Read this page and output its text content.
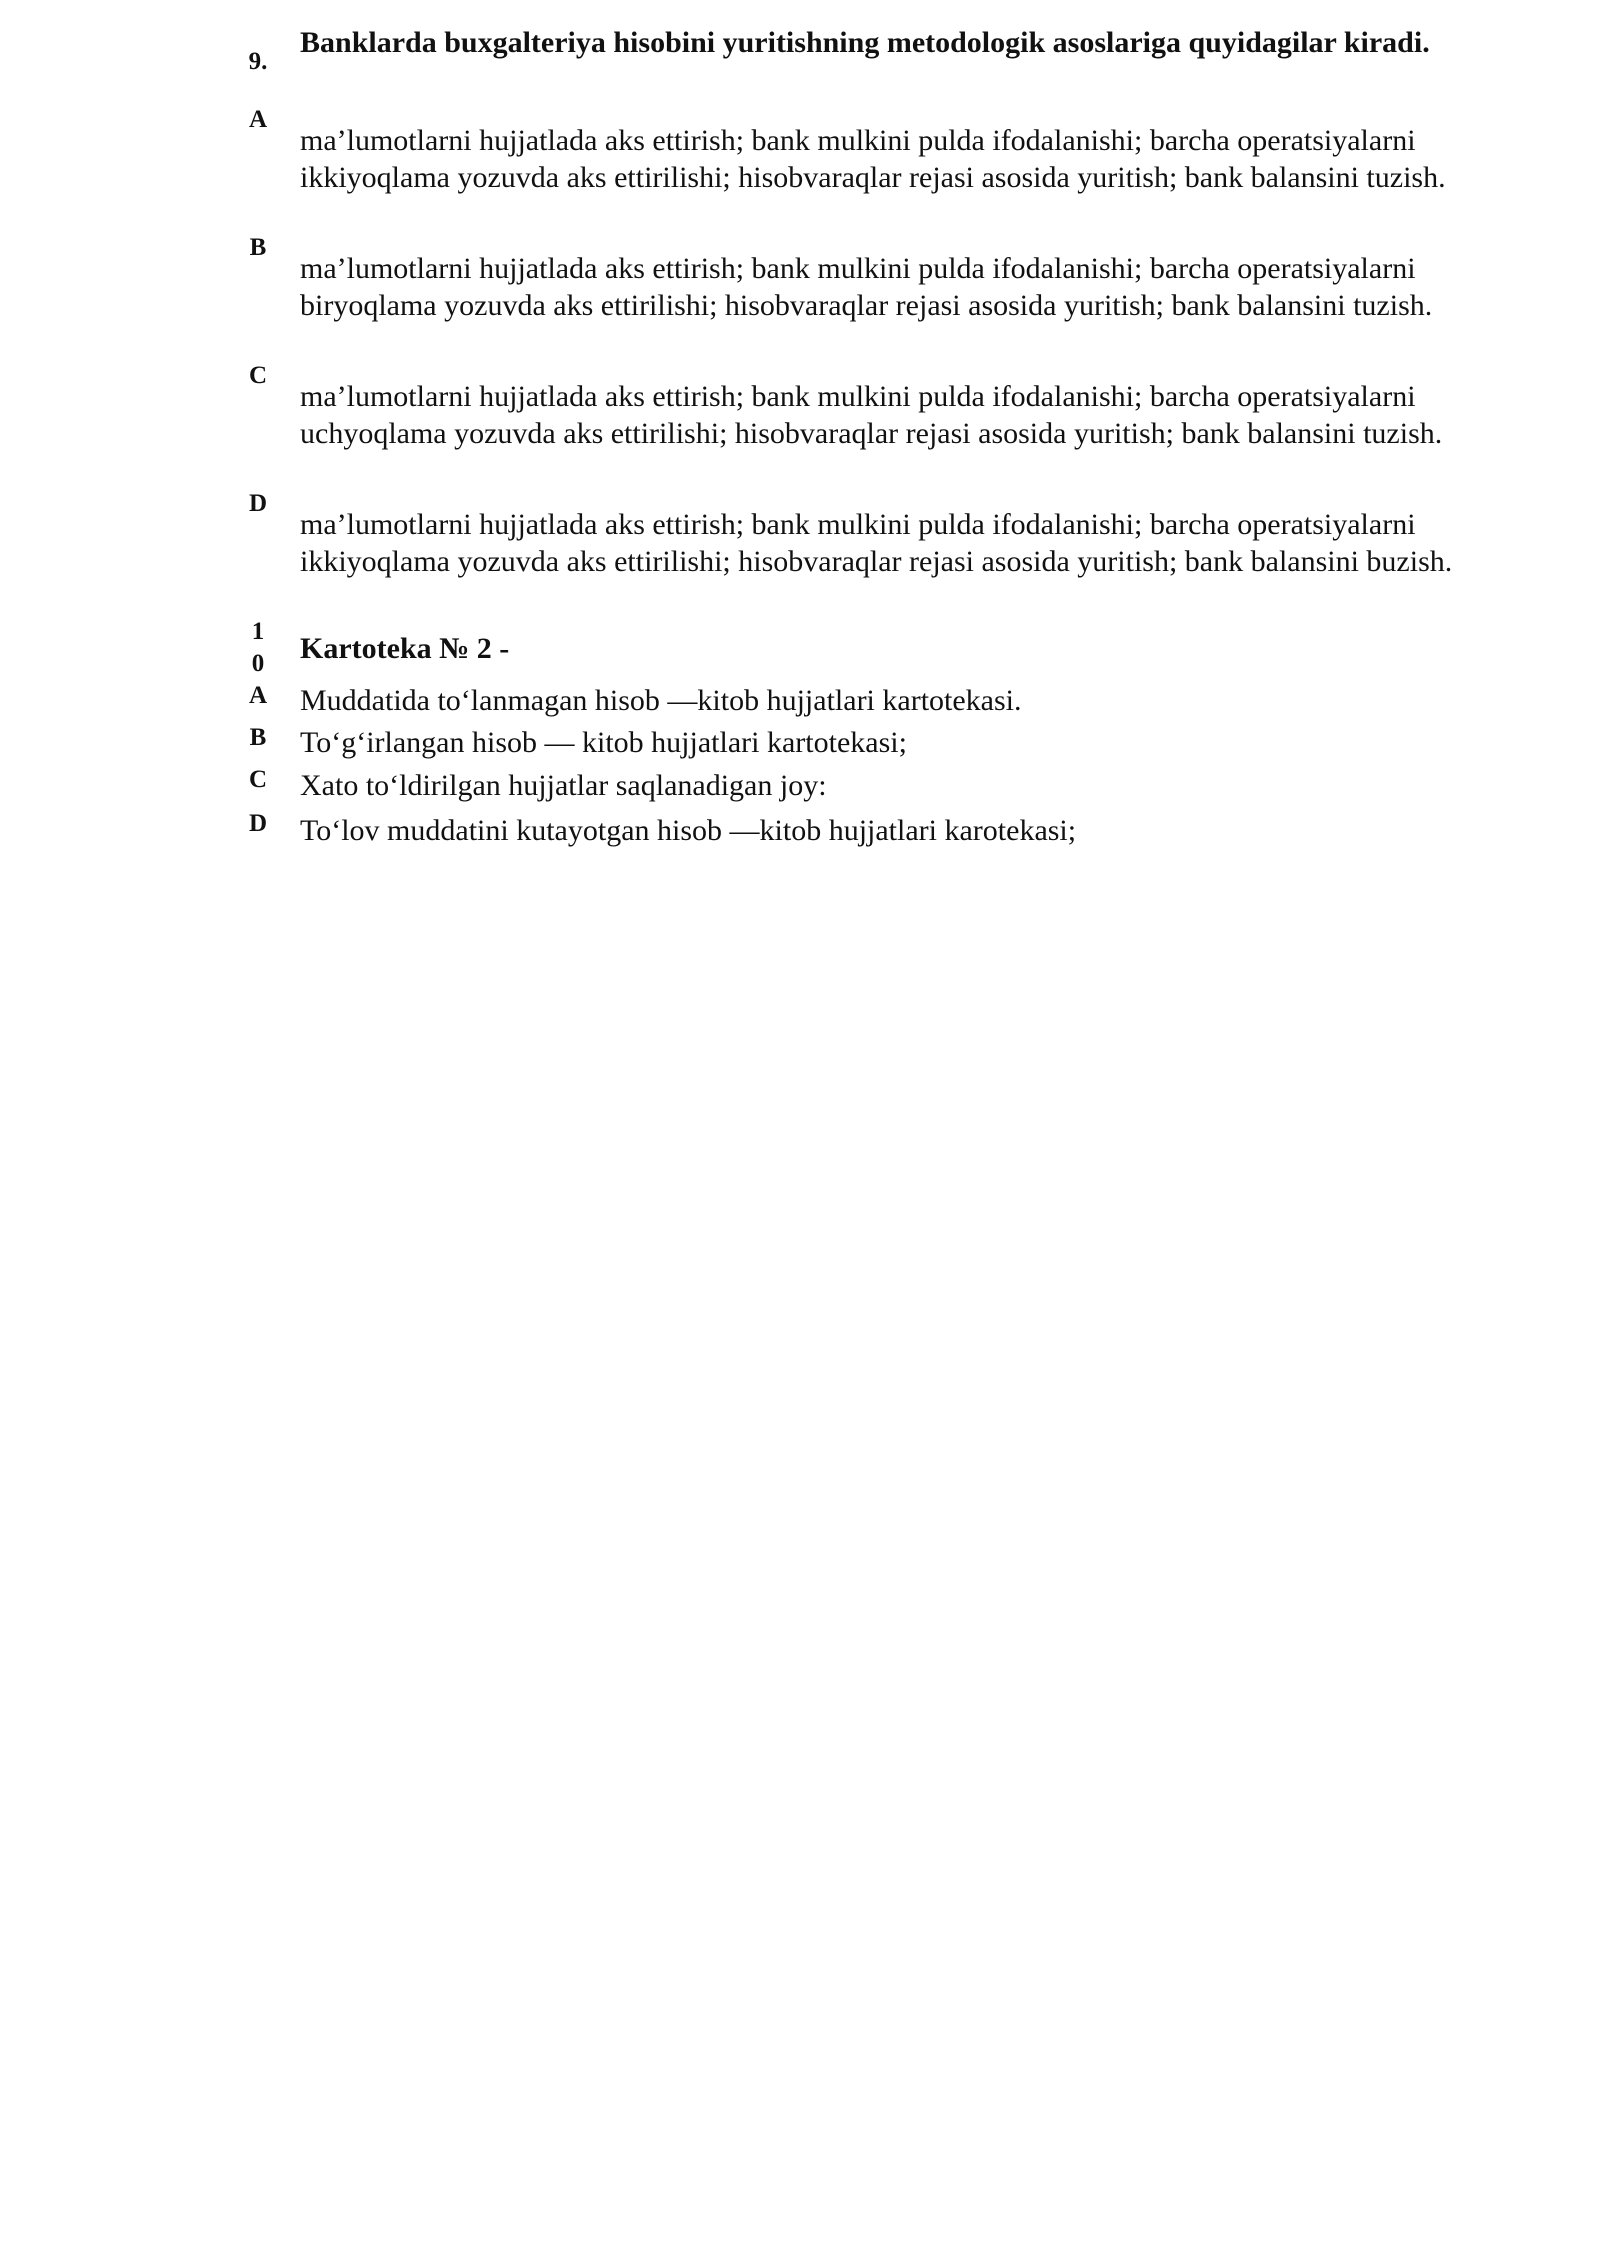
9.
Banklarda buxgalteriya hisobini yuritishning metodologik asoslariga quyidagilar kiradi.
A
ma’lumotlarni hujjatlada aks ettirish; bank mulkini pulda ifodalanishi; barcha operatsiyalarni ikkiyoqlama yozuvda aks ettirilishi; hisobvaraqlar rejasi asosida yuritish; bank balansini tuzish.
B
ma’lumotlarni hujjatlada aks ettirish; bank mulkini pulda ifodalanishi; barcha operatsiyalarni biryoqlama yozuvda aks ettirilishi; hisobvaraqlar rejasi asosida yuritish; bank balansini tuzish.
C
ma’lumotlarni hujjatlada aks ettirish; bank mulkini pulda ifodalanishi; barcha operatsiyalarni uchyoqlama yozuvda aks ettirilishi; hisobvaraqlar rejasi asosida yuritish; bank balansini tuzish.
D
ma’lumotlarni hujjatlada aks ettirish; bank mulkini pulda ifodalanishi; barcha operatsiyalarni ikkiyoqlama yozuvda aks ettirilishi; hisobvaraqlar rejasi asosida yuritish; bank balansini buzish.
1
0	Kartoteka № 2 -
A Muddatida to‘lanmagan hisob —kitob hujjatlari kartotekasi.
B	To‘g‘irlangan hisob — kitob hujjatlari kartotekasi;
C Xato to‘ldirilgan hujjatlar saqlanadigan joy:
D To‘lov muddatini kutayotgan hisob —kitob hujjatlari karotekasi;
